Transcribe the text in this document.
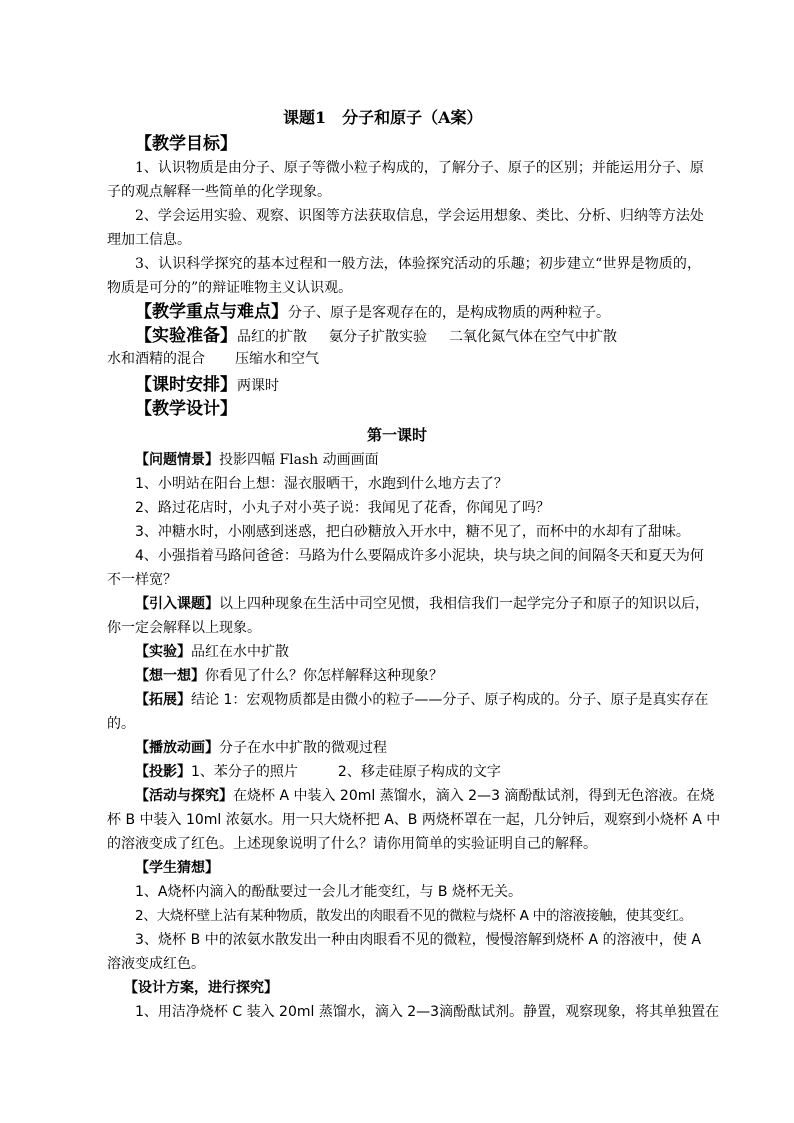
课题1　分子和原子（A案）
【教学目标】
1、认识物质是由分子、原子等微小粒子构成的，了解分子、原子的区别；并能运用分子、原
子的观点解释一些简单的化学现象。
2、学会运用实验、观察、识图等方法获取信息，学会运用想象、类比、分析、归纳等方法处
理加工信息。
3、认识科学探究的基本过程和一般方法，体验探究活动的乐趣；初步建立“世界是物质的，
物质是可分的”的辩证唯物主义认识观。
【教学重点与难点】分子、原子是客观存在的，是构成物质的两种粒子。
【实验准备】品红的扩散 氨分子扩散实验 二氧化氮气体在空气中扩散
水和酒精的混合 压缩水和空气
【课时安排】两课时
【教学设计】
第一课时
【问题情景】投影四幅 Flash 动画画面
1、小明站在阳台上想：湿衣服晒干，水跑到什么地方去了？
2、路过花店时，小丸子对小英子说：我闻见了花香，你闻见了吗？
3、冲糖水时，小刚感到迷惑，把白砂糖放入开水中，糖不见了，而杯中的水却有了甜味。
4、小强指着马路问爸爸：马路为什么要隔成许多小泥块，块与块之间的间隔冬天和夏天为何
不一样宽？
【引入课题】以上四种现象在生活中司空见惯，我相信我们一起学完分子和原子的知识以后，
你一定会解释以上现象。
【实验】品红在水中扩散
【想一想】你看见了什么？你怎样解释这种现象？
【拓展】结论 1：宏观物质都是由微小的粒子——分子、原子构成的。分子、原子是真实存在
的。
【播放动画】分子在水中扩散的微观过程
【投影】1、苯分子的照片	2、移走硅原子构成的文字
【活动与探究】在烧杯 A 中装入 20ml 蒸馏水，滴入 2—3 滴酚酞试剂，得到无色溶液。在烧
杯 B 中装入 10ml 浓氨水。用一只大烧杯把 A、B 两烧杯罩在一起，几分钟后，观察到小烧杯 A 中
的溶液变成了红色。上述现象说明了什么？请你用简单的实验证明自己的解释。
【学生猜想】
1、A烧杯内滴入的酚酞要过一会儿才能变红，与 B 烧杯无关。
2、大烧杯壁上沾有某种物质，散发出的肉眼看不见的微粒与烧杯 A 中的溶液接触，使其变红。
3、烧杯 B 中的浓氨水散发出一种由肉眼看不见的微粒，慢慢溶解到烧杯 A 的溶液中，使 A
溶液变成红色。
【设计方案，进行探究】
1、用洁净烧杯 C 装入 20ml 蒸馏水，滴入 2—3滴酚酞试剂。静置，观察现象，将其单独置在
